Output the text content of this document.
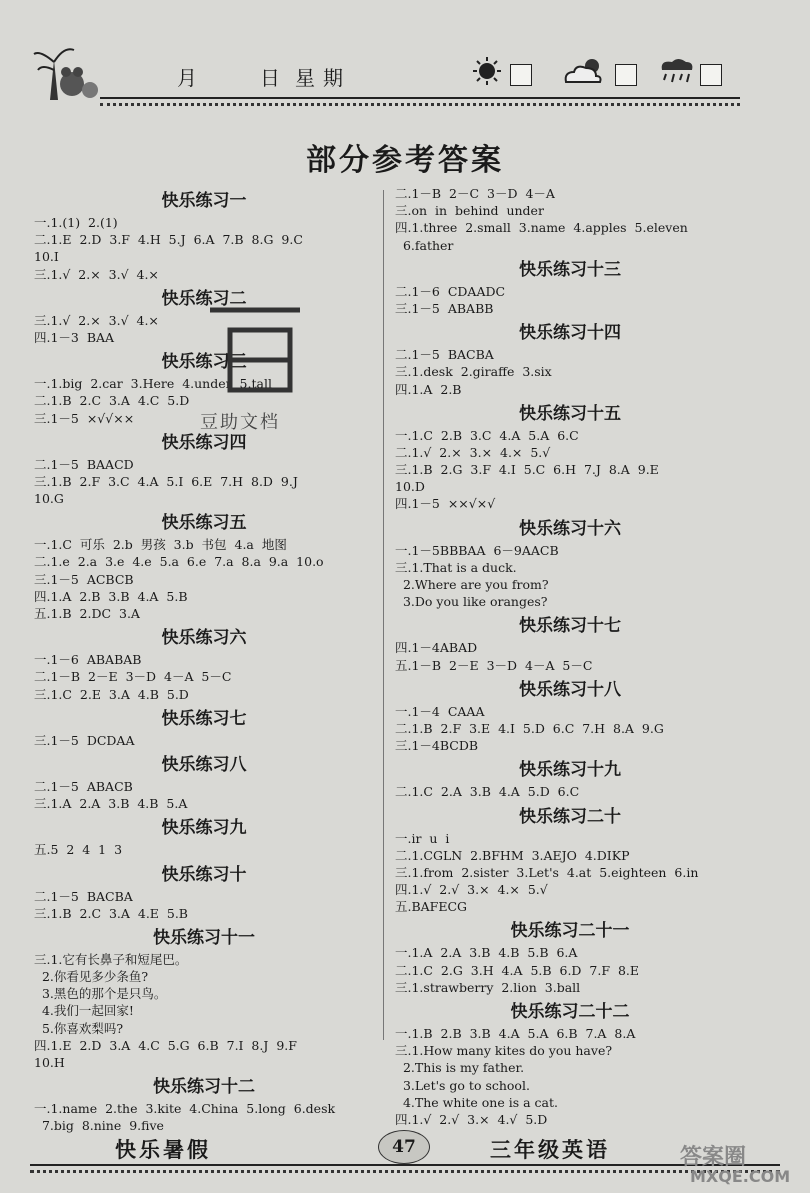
月	日 星 期
部分参考答案
快乐练习一
一.1.(1)  2.(1)
二.1.E  2.D  3.F  4.H  5.J  6.A  7.B  8.G  9.C
10.I
三.1.√  2.×  3.√  4.×
快乐练习二
三.1.√  2.×  3.√  4.×
四.1－3  BAA
快乐练习三
一.1.big  2.car  3.Here  4.under  5.tall
二.1.B  2.C  3.A  4.C  5.D
三.1－5  ×√√××
快乐练习四
二.1－5  BAACD
三.1.B  2.F  3.C  4.A  5.I  6.E  7.H  8.D  9.J
10.G
快乐练习五
一.1.C  可乐  2.b  男孩  3.b  书包  4.a  地图
二.1.e  2.a  3.e  4.e  5.a  6.e  7.a  8.a  9.a  10.o
三.1－5  ACBCB
四.1.A  2.B  3.B  4.A  5.B
五.1.B  2.DC  3.A
快乐练习六
一.1－6  ABABAB
二.1－B  2－E  3－D  4－A  5－C
三.1.C  2.E  3.A  4.B  5.D
快乐练习七
三.1－5  DCDAA
快乐练习八
二.1－5  ABACB
三.1.A  2.A  3.B  4.B  5.A
快乐练习九
五.5  2  4  1  3
快乐练习十
二.1－5  BACBA
三.1.B  2.C  3.A  4.E  5.B
快乐练习十一
三.1.它有长鼻子和短尾巴。
2.你看见多少条鱼?
3.黑色的那个是只鸟。
4.我们一起回家!
5.你喜欢梨吗?
四.1.E  2.D  3.A  4.C  5.G  6.B  7.I  8.J  9.F
10.H
快乐练习十二
一.1.name  2.the  3.kite  4.China  5.long  6.desk
7.big  8.nine  9.five
二.1－B  2－C  3－D  4－A
三.on  in  behind  under
四.1.three  2.small  3.name  4.apples  5.eleven
6.father
快乐练习十三
二.1－6  CDAADC
三.1－5  ABABB
快乐练习十四
二.1－5  BACBA
三.1.desk  2.giraffe  3.six
四.1.A  2.B
快乐练习十五
一.1.C  2.B  3.C  4.A  5.A  6.C
二.1.√  2.×  3.×  4.×  5.√
三.1.B  2.G  3.F  4.I  5.C  6.H  7.J  8.A  9.E
10.D
四.1－5  ××√×√
快乐练习十六
一.1－5BBBAA  6－9AACB
三.1.That is a duck.
2.Where are you from?
3.Do you like oranges?
快乐练习十七
四.1－4ABAD
五.1－B  2－E  3－D  4－A  5－C
快乐练习十八
一.1－4  CAAA
二.1.B  2.F  3.E  4.I  5.D  6.C  7.H  8.A  9.G
三.1－4BCDB
快乐练习十九
二.1.C  2.A  3.B  4.A  5.D  6.C
快乐练习二十
一.ir  u  i
二.1.CGLN  2.BFHM  3.AEJO  4.DIKP
三.1.from  2.sister  3.Let's  4.at  5.eighteen  6.in
四.1.√  2.√  3.×  4.×  5.√
五.BAFECG
快乐练习二十一
一.1.A  2.A  3.B  4.B  5.B  6.A
二.1.C  2.G  3.H  4.A  5.B  6.D  7.F  8.E
三.1.strawberry  2.lion  3.ball
快乐练习二十二
一.1.B  2.B  3.B  4.A  5.A  6.B  7.A  8.A
三.1.How many kites do you have?
2.This is my father.
3.Let's go to school.
4.The white one is a cat.
四.1.√  2.√  3.×  4.√  5.D
豆助文档
快乐暑假	47	三年级英语	答案圈
MXQE.COM
